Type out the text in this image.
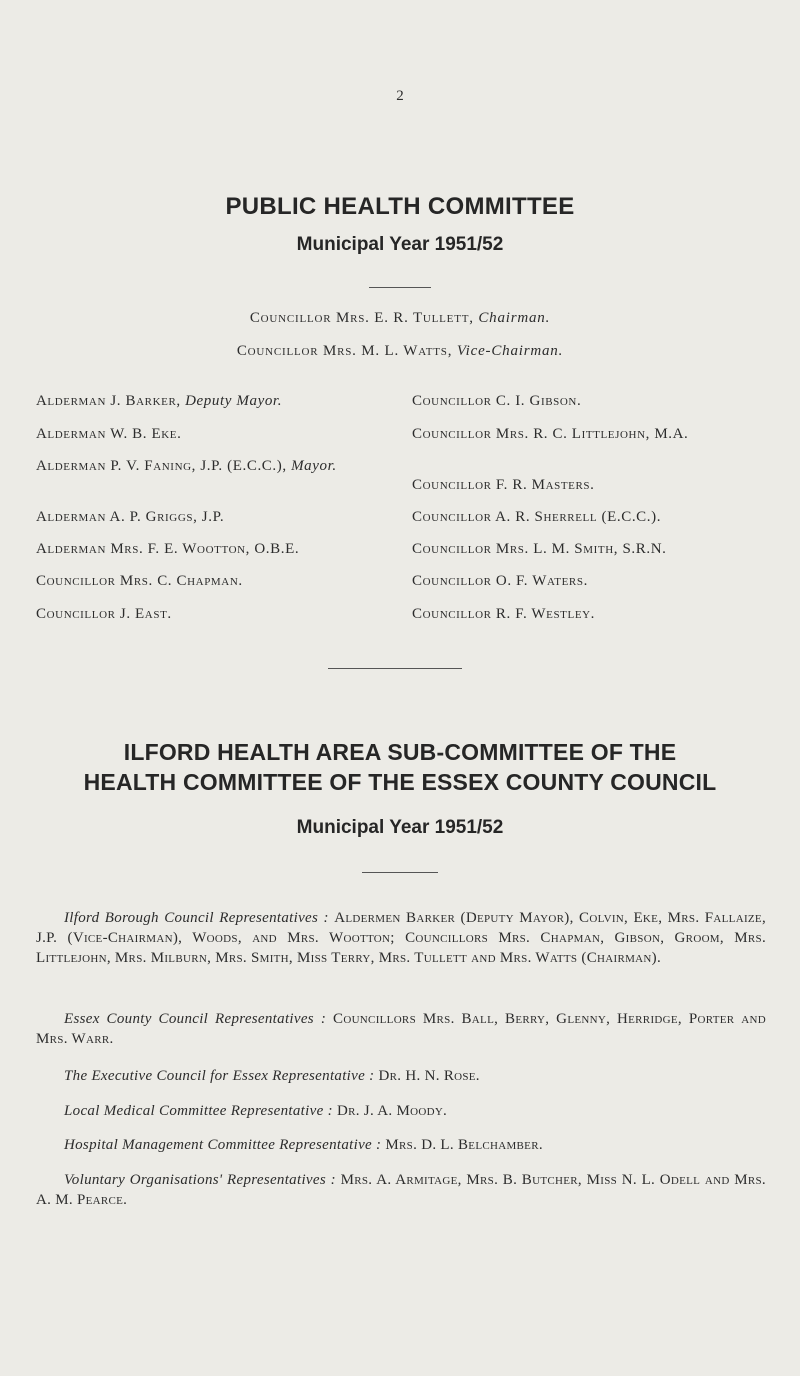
2
PUBLIC HEALTH COMMITTEE
Municipal Year 1951/52
Councillor Mrs. E. R. Tullett, Chairman.
Councillor Mrs. M. L. Watts, Vice-Chairman.
Alderman J. Barker, Deputy Mayor.
Alderman W. B. Eke.
Alderman P. V. Faning, J.P. (E.C.C.), Mayor.
Alderman A. P. Griggs, J.P.
Alderman Mrs. F. E. Wootton, O.B.E.
Councillor Mrs. C. Chapman.
Councillor J. East.
Councillor C. I. Gibson.
Councillor Mrs. R. C. Littlejohn, M.A.
Councillor F. R. Masters.
Councillor A. R. Sherrell (E.C.C.).
Councillor Mrs. L. M. Smith, S.R.N.
Councillor O. F. Waters.
Councillor R. F. Westley.
ILFORD HEALTH AREA SUB-COMMITTEE OF THE
HEALTH COMMITTEE OF THE ESSEX COUNTY COUNCIL
Municipal Year 1951/52
Ilford Borough Council Representatives : Aldermen Barker (Deputy Mayor), Colvin, Eke, Mrs. Fallaize, J.P. (Vice-Chairman), Woods, and Mrs. Wootton; Councillors Mrs. Chapman, Gibson, Groom, Mrs. Littlejohn, Mrs. Milburn, Mrs. Smith, Miss Terry, Mrs. Tullett and Mrs. Watts (Chairman).
Essex County Council Representatives : Councillors Mrs. Ball, Berry, Glenny, Herridge, Porter and Mrs. Warr.
The Executive Council for Essex Representative : Dr. H. N. Rose.
Local Medical Committee Representative : Dr. J. A. Moody.
Hospital Management Committee Representative : Mrs. D. L. Belchamber.
Voluntary Organisations' Representatives : Mrs. A. Armitage, Mrs. B. Butcher, Miss N. L. Odell and Mrs. A. M. Pearce.
